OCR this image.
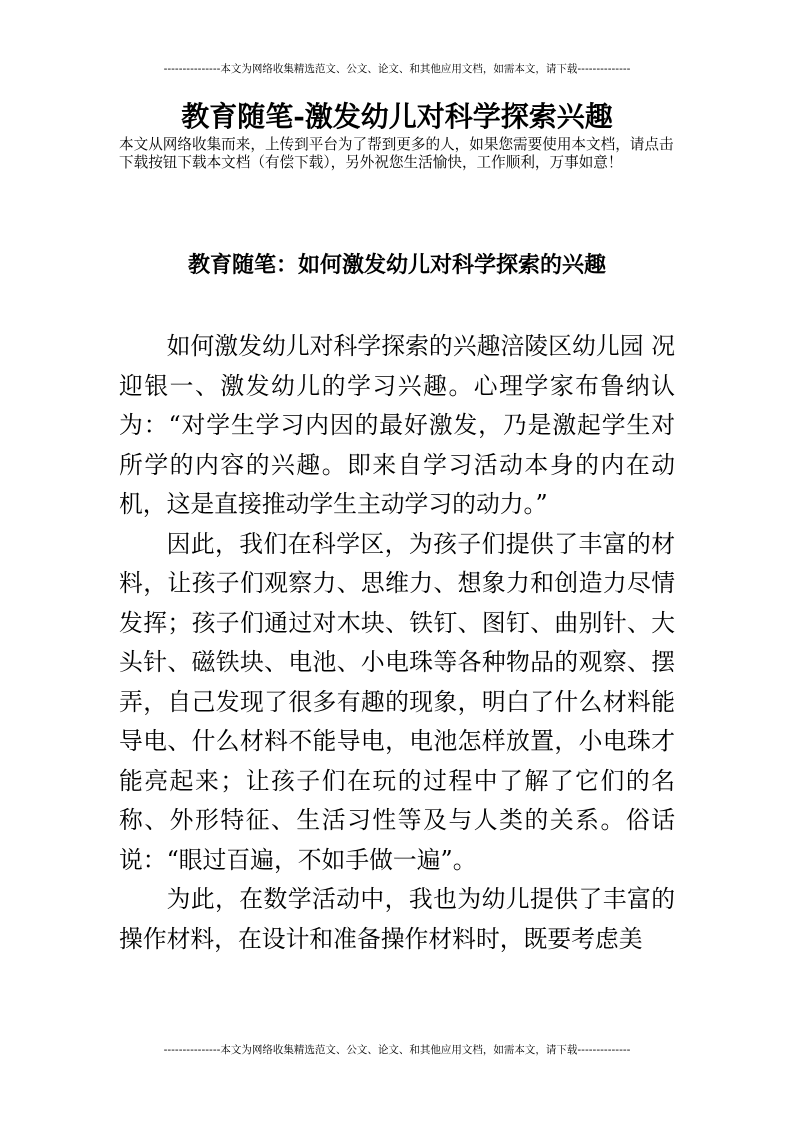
---------------本文为网络收集精选范文、公文、论文、和其他应用文档，如需本文，请下载--------------
教育随笔-激发幼儿对科学探索兴趣

本文从网络收集而来，上传到平台为了帮到更多的人，如果您需要使用本文档，请点击下载按钮下载本文档（有偿下载），另外祝您生活愉快，工作顺利，万事如意！

教育随笔：如何激发幼儿对科学探索的兴趣

如何激发幼儿对科学探索的兴趣涪陵区幼儿园 况迎银一、激发幼儿的学习兴趣。心理学家布鲁纳认为：“对学生学习内因的最好激发，乃是激起学生对所学的内容的兴趣。即来自学习活动本身的内在动机，这是直接推动学生主动学习的动力。”

因此，我们在科学区，为孩子们提供了丰富的材料，让孩子们观察力、思维力、想象力和创造力尽情发挥；孩子们通过对木块、铁钉、图钉、曲别针、大头针、磁铁块、电池、小电珠等各种物品的观察、摆弄，自己发现了很多有趣的现象，明白了什么材料能导电、什么材料不能导电，电池怎样放置，小电珠才能亮起来；让孩子们在玩的过程中了解了它们的名称、外形特征、生活习性等及与人类的关系。俗话说：“眼过百遍，不如手做一遍”。

为此，在数学活动中，我也为幼儿提供了丰富的操作材料，在设计和准备操作材料时，既要考虑美

---------------本文为网络收集精选范文、公文、论文、和其他应用文档，如需本文，请下载--------------
